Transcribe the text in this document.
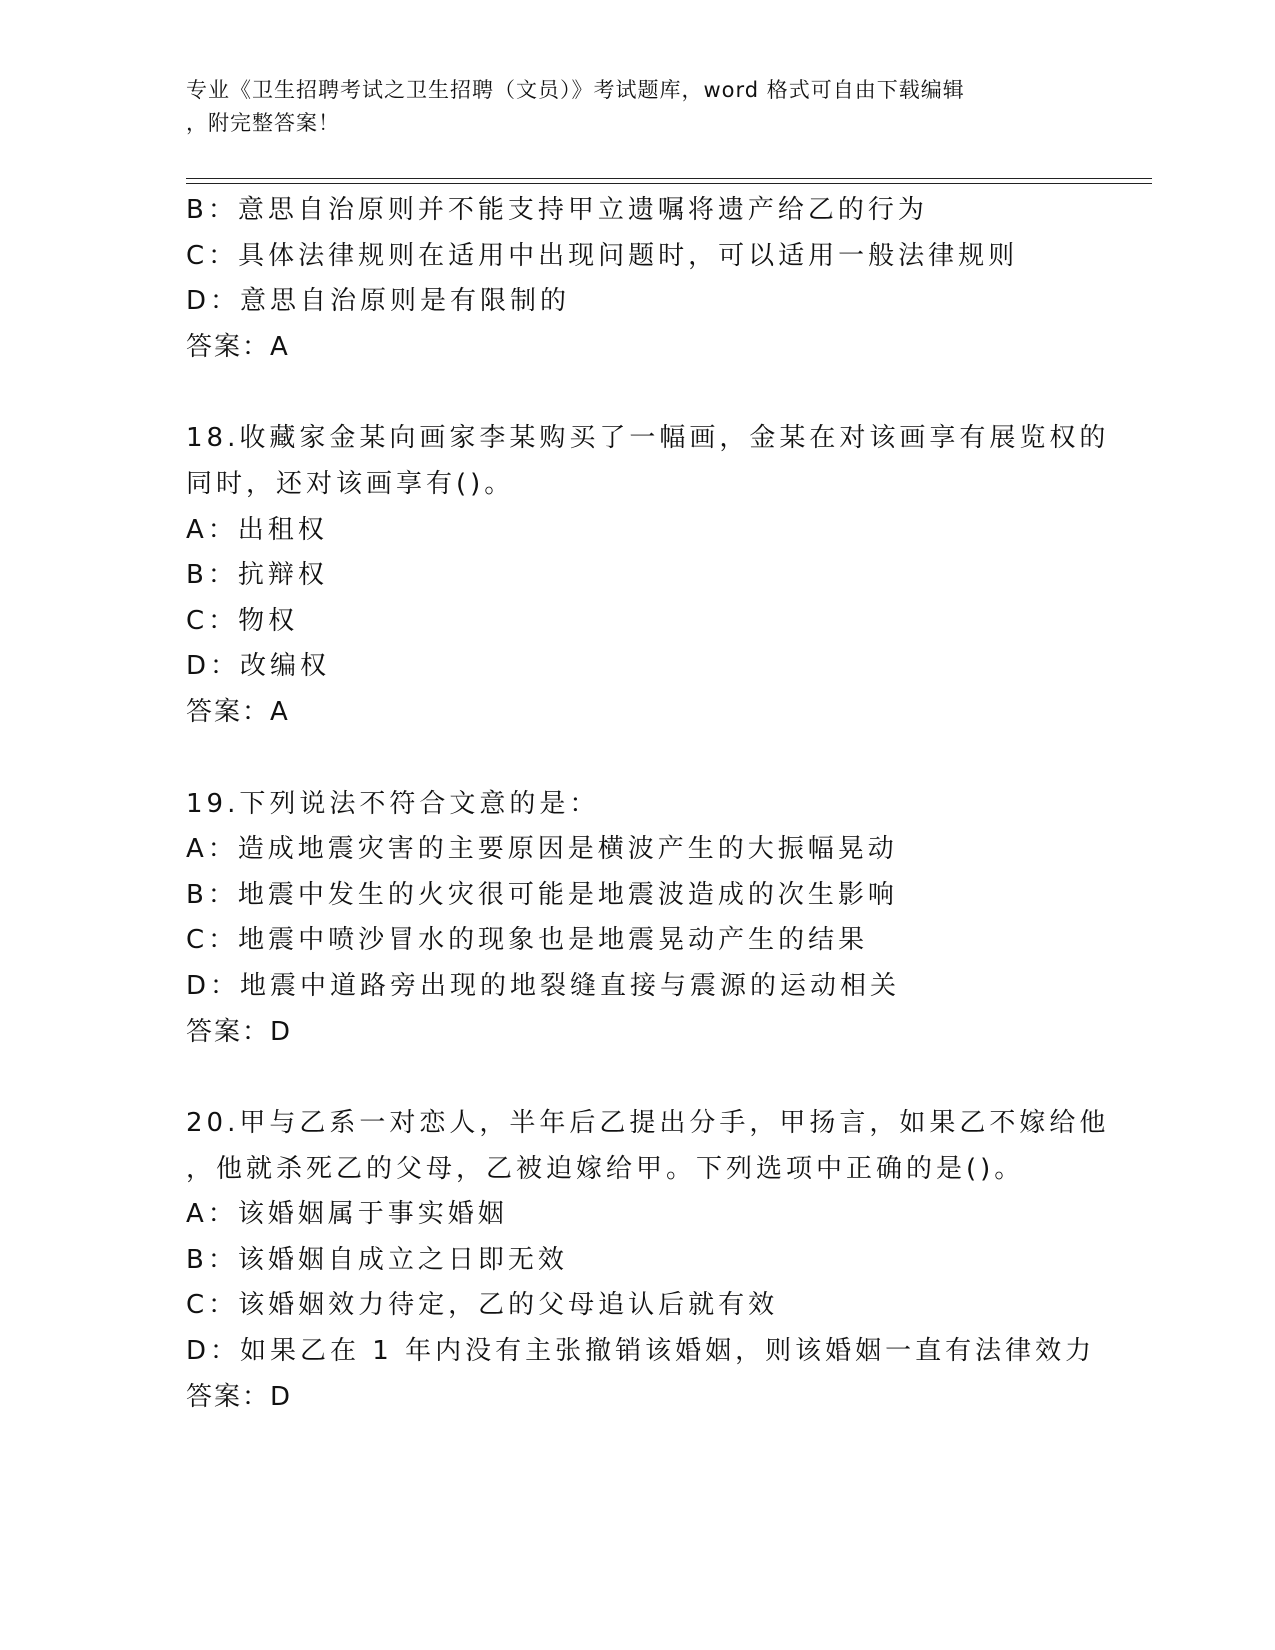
专业《卫生招聘考试之卫生招聘（文员）》考试题库，word 格式可自由下载编辑
，附完整答案！
B：意思自治原则并不能支持甲立遗嘱将遗产给乙的行为
C：具体法律规则在适用中出现问题时，可以适用一般法律规则
D：意思自治原则是有限制的
答案：A
18.收藏家金某向画家李某购买了一幅画，金某在对该画享有展览权的
同时，还对该画享有()。
A：出租权
B：抗辩权
C：物权
D：改编权
答案：A
19.下列说法不符合文意的是：
A：造成地震灾害的主要原因是横波产生的大振幅晃动
B：地震中发生的火灾很可能是地震波造成的次生影响
C：地震中喷沙冒水的现象也是地震晃动产生的结果
D：地震中道路旁出现的地裂缝直接与震源的运动相关
答案：D
20.甲与乙系一对恋人，半年后乙提出分手，甲扬言，如果乙不嫁给他
，他就杀死乙的父母，乙被迫嫁给甲。下列选项中正确的是()。
A：该婚姻属于事实婚姻
B：该婚姻自成立之日即无效
C：该婚姻效力待定，乙的父母追认后就有效
D：如果乙在 1 年内没有主张撤销该婚姻，则该婚姻一直有法律效力
答案：D
